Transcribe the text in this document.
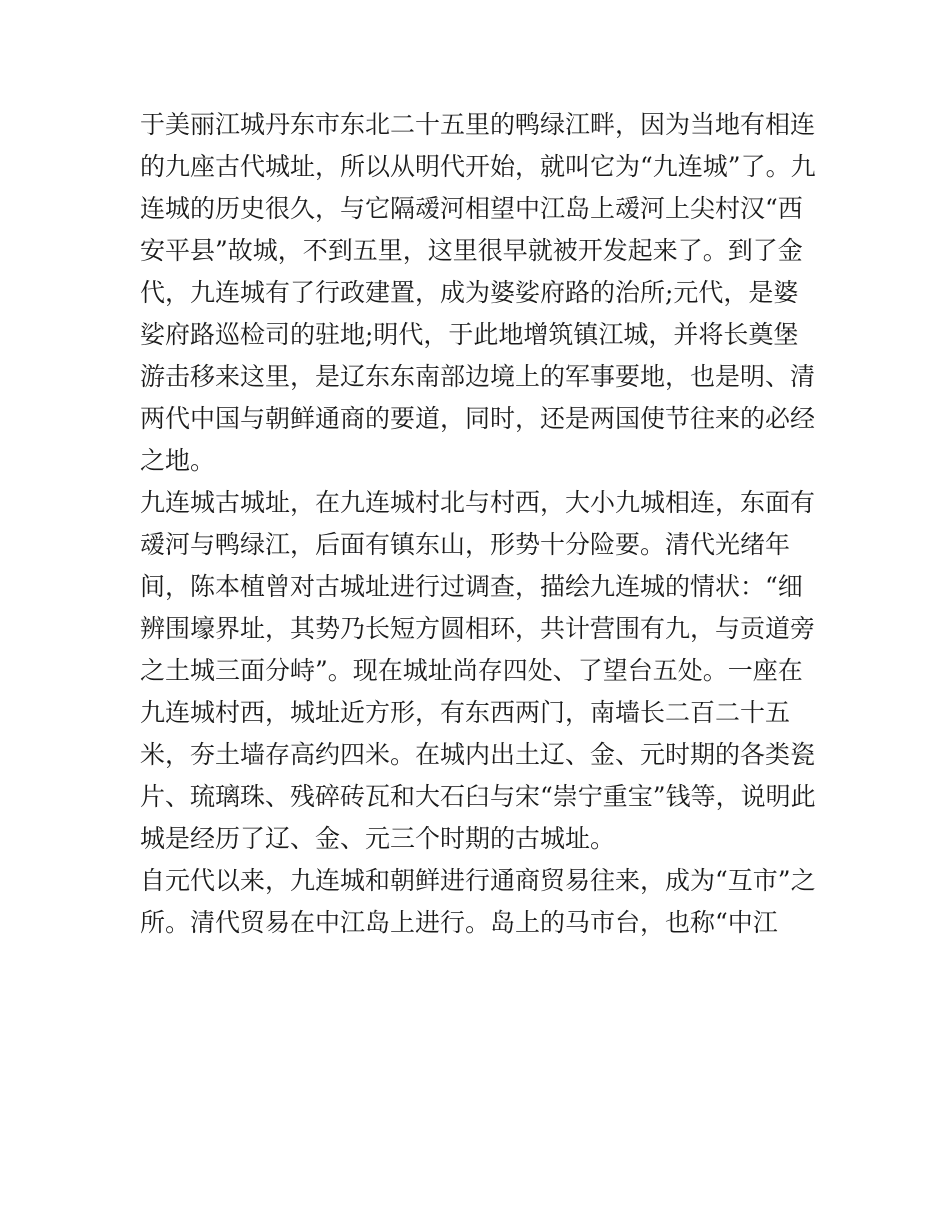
于美丽江城丹东市东北二十五里的鸭绿江畔，因为当地有相连
的九座古代城址，所以从明代开始，就叫它为“九连城”了。九
连城的历史很久，与它隔叆河相望中江岛上叆河上尖村汉“西
安平县”故城，不到五里，这里很早就被开发起来了。到了金
代，九连城有了行政建置，成为婆娑府路的治所;元代，是婆
娑府路巡检司的驻地;明代，于此地增筑镇江城，并将长奠堡
游击移来这里，是辽东东南部边境上的军事要地，也是明、清
两代中国与朝鲜通商的要道，同时，还是两国使节往来的必经
之地。
九连城古城址，在九连城村北与村西，大小九城相连，东面有
叆河与鸭绿江，后面有镇东山，形势十分险要。清代光绪年
间，陈本植曾对古城址进行过调查，描绘九连城的情状：“细
辨围壕界址，其势乃长短方圆相环，共计营围有九，与贡道旁
之土城三面分峙”。现在城址尚存四处、了望台五处。一座在
九连城村西，城址近方形，有东西两门，南墙长二百二十五
米，夯土墙存高约四米。在城内出土辽、金、元时期的各类瓷
片、琉璃珠、残碎砖瓦和大石臼与宋“崇宁重宝”钱等，说明此
城是经历了辽、金、元三个时期的古城址。
自元代以来，九连城和朝鲜进行通商贸易往来，成为“互市”之
所。清代贸易在中江岛上进行。岛上的马市台，也称“中江
